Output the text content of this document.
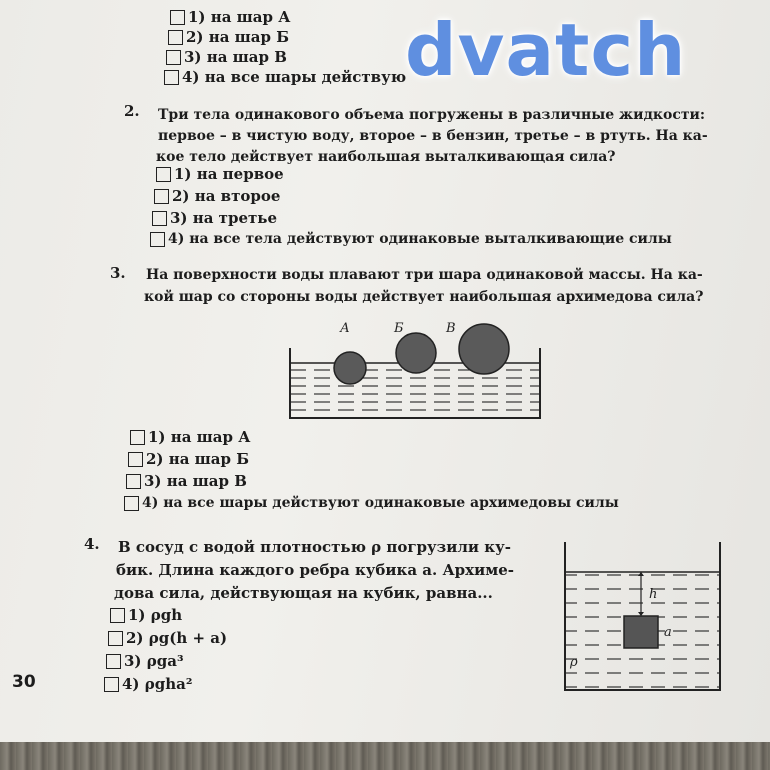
dvatch
1) на шар А
2) на шар Б
3) на шар В
4) на все шары действую
2. Три тела одинакового объема погружены в различные жидкости:
первое – в чистую воду, второе – в бензин, третье – в ртуть. На ка-
кое тело действует наибольшая выталкивающая сила?
1) на первое
2) на второе
3) на третье
4) на все тела действуют одинаковые выталкивающие силы
3. На поверхности воды плавают три шара одинаковой массы. На ка-
кой шар со стороны воды действует наибольшая архимедова сила?
А	Б	В
1) на шар А
2) на шар Б
3) на шар В
4) на все шары действуют одинаковые архимедовы силы
4. В сосуд с водой плотностью ρ погрузили ку-
бик. Длина каждого ребра кубика a. Архиме-
дова сила, действующая на кубик, равна...
1) ρgh
2) ρg(h + a)
3) ρga³
4) ρgha²
h
a
ρ
30
